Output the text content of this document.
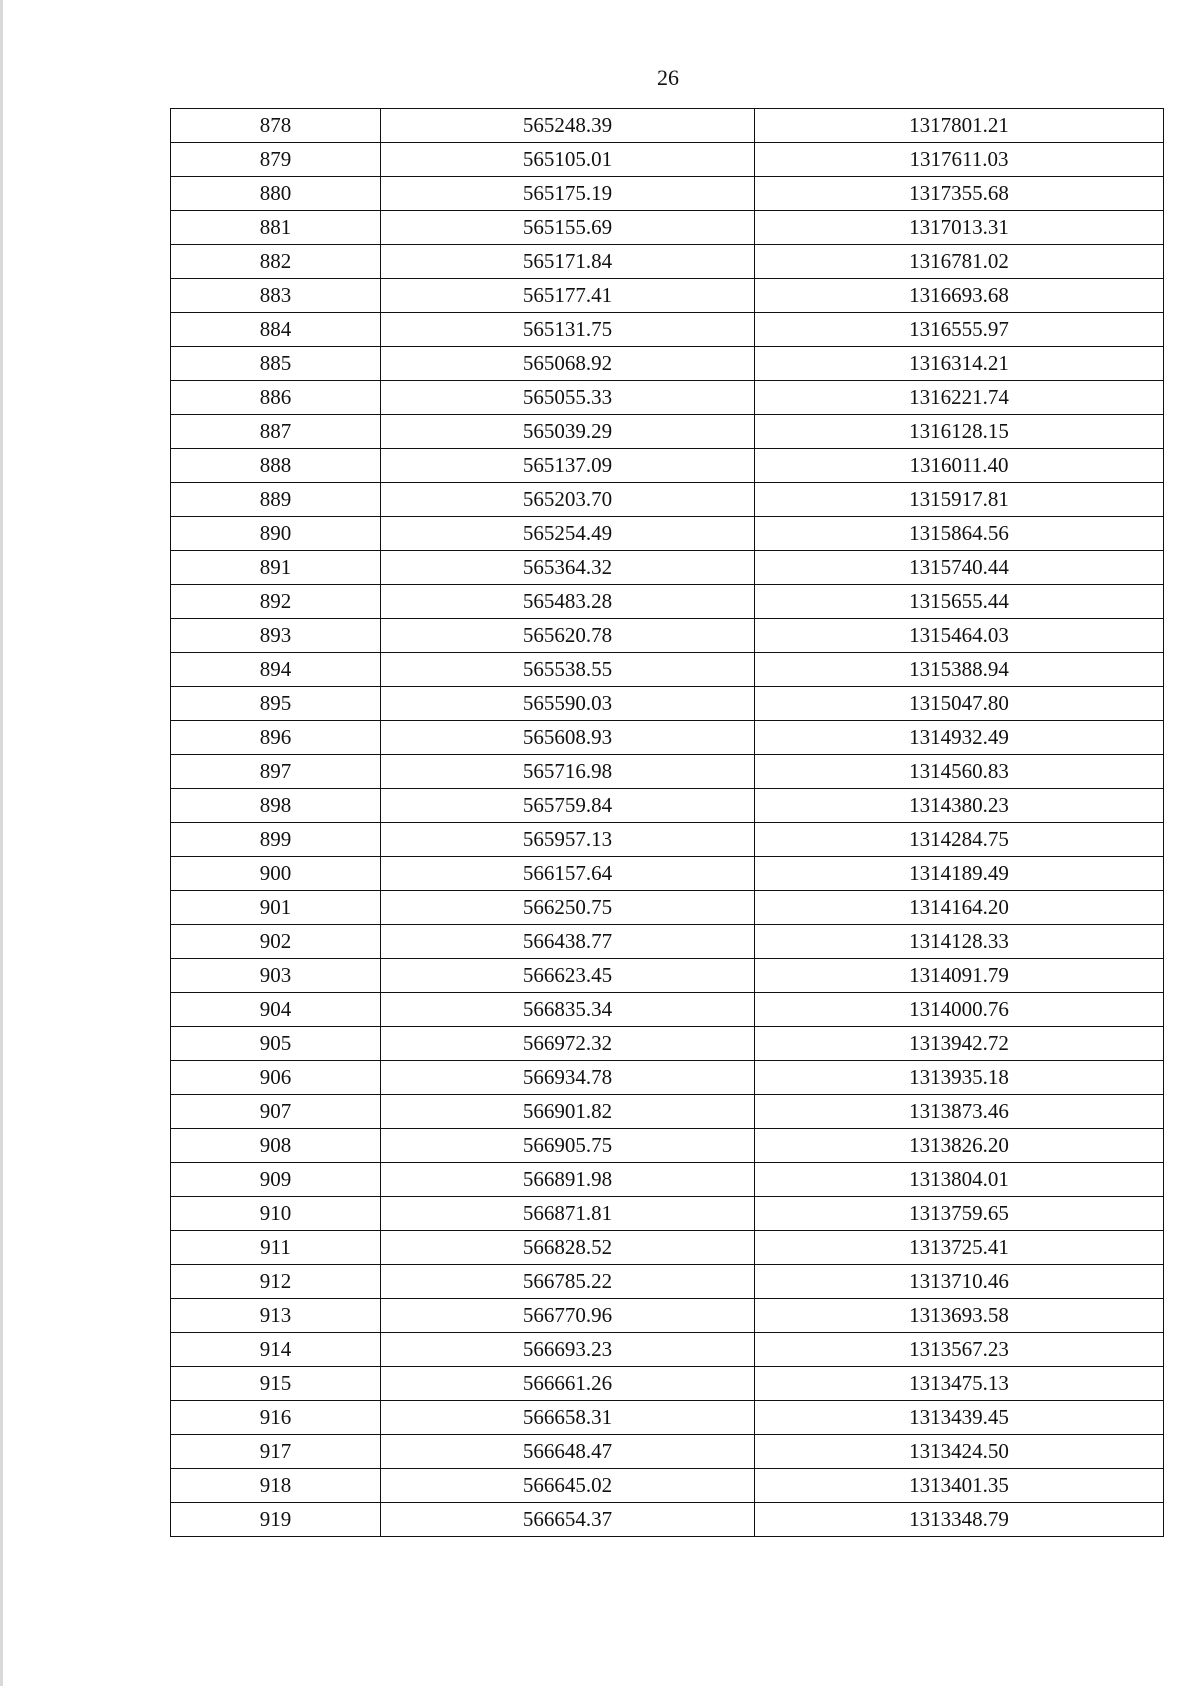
26
878	565248.39	1317801.21
879	565105.01	1317611.03
880	565175.19	1317355.68
881	565155.69	1317013.31
882	565171.84	1316781.02
883	565177.41	1316693.68
884	565131.75	1316555.97
885	565068.92	1316314.21
886	565055.33	1316221.74
887	565039.29	1316128.15
888	565137.09	1316011.40
889	565203.70	1315917.81
890	565254.49	1315864.56
891	565364.32	1315740.44
892	565483.28	1315655.44
893	565620.78	1315464.03
894	565538.55	1315388.94
895	565590.03	1315047.80
896	565608.93	1314932.49
897	565716.98	1314560.83
898	565759.84	1314380.23
899	565957.13	1314284.75
900	566157.64	1314189.49
901	566250.75	1314164.20
902	566438.77	1314128.33
903	566623.45	1314091.79
904	566835.34	1314000.76
905	566972.32	1313942.72
906	566934.78	1313935.18
907	566901.82	1313873.46
908	566905.75	1313826.20
909	566891.98	1313804.01
910	566871.81	1313759.65
911	566828.52	1313725.41
912	566785.22	1313710.46
913	566770.96	1313693.58
914	566693.23	1313567.23
915	566661.26	1313475.13
916	566658.31	1313439.45
917	566648.47	1313424.50
918	566645.02	1313401.35
919	566654.37	1313348.79
